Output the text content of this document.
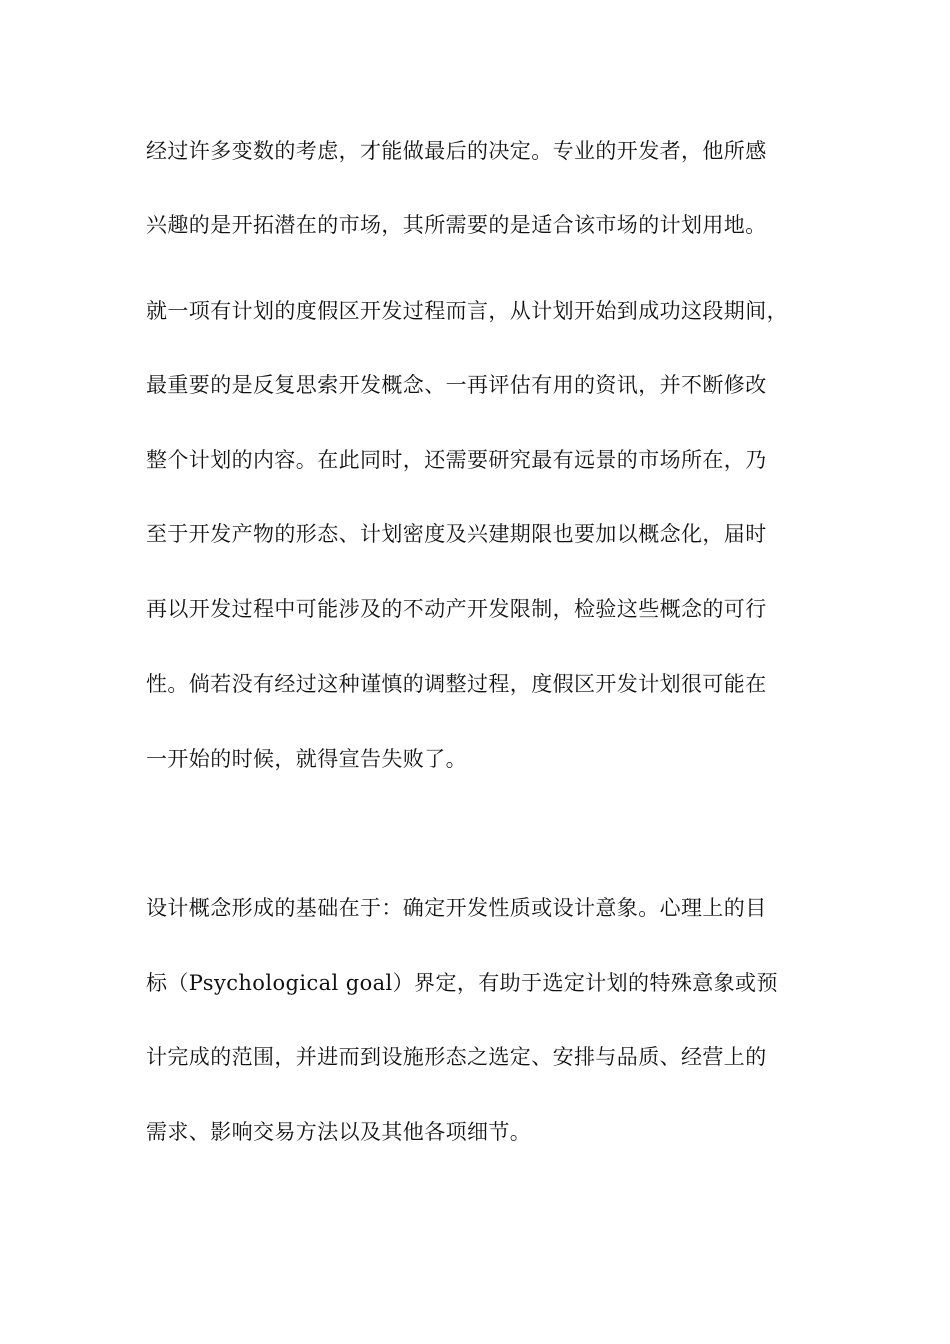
经过许多变数的考虑，才能做最后的决定。专业的开发者，他所感
兴趣的是开拓潜在的市场，其所需要的是适合该市场的计划用地。
就一项有计划的度假区开发过程而言，从计划开始到成功这段期间，
最重要的是反复思索开发概念、一再评估有用的资讯，并不断修改
整个计划的内容。在此同时，还需要研究最有远景的市场所在，乃
至于开发产物的形态、计划密度及兴建期限也要加以概念化，届时
再以开发过程中可能涉及的不动产开发限制，检验这些概念的可行
性。倘若没有经过这种谨慎的调整过程，度假区开发计划很可能在
一开始的时候，就得宣告失败了。
设计概念形成的基础在于：确定开发性质或设计意象。心理上的目
标（Psychological goal）界定，有助于选定计划的特殊意象或预
计完成的范围，并进而到设施形态之选定、安排与品质、经营上的
需求、影响交易方法以及其他各项细节。
